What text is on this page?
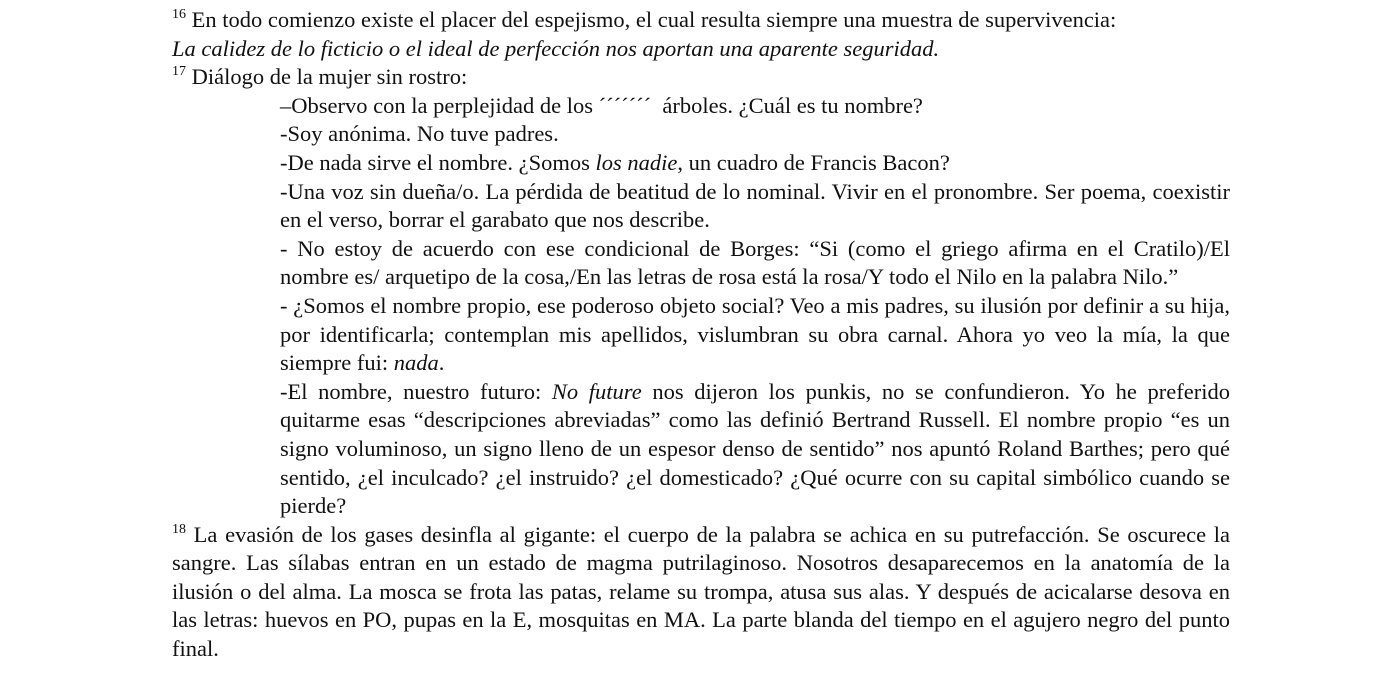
$^{16}$ En todo comienzo existe el placer del espejismo, el cual resulta siempre una muestra de supervivencia:
La calidez de lo ficticio o el ideal de perfección nos aportan una aparente seguridad.

$^{17}$ Diálogo de la mujer sin rostro:

–Observo con la perplejidad de los ´´´´´´´  árboles. ¿Cuál es tu nombre?

-Soy anónima. No tuve padres.

-De nada sirve el nombre. ¿Somos los nadie, un cuadro de Francis Bacon?

-Una voz sin dueña/o. La pérdida de beatitud de lo nominal. Vivir en el pronombre. Ser poema, coexistir en el verso, borrar el garabato que nos describe.

- No estoy de acuerdo con ese condicional de Borges: “Si (como el griego afirma en el Cratilo)/El nombre es/ arquetipo de la cosa,/En las letras de rosa está la rosa/Y todo el Nilo en la palabra Nilo.”

- ¿Somos el nombre propio, ese poderoso objeto social? Veo a mis padres, su ilusión por definir a su hija, por identificarla; contemplan mis apellidos, vislumbran su obra carnal. Ahora yo veo la mía, la que siempre fui: nada.

-El nombre, nuestro futuro: No future nos dijeron los punkis, no se confundieron. Yo he preferido quitarme esas “descripciones abreviadas” como las definió Bertrand Russell. El nombre propio “es un signo voluminoso, un signo lleno de un espesor denso de sentido” nos apuntó Roland Barthes; pero qué sentido, ¿el inculcado? ¿el instruido? ¿el domesticado? ¿Qué ocurre con su capital simbólico cuando se pierde?

$^{18}$ La evasión de los gases desinfla al gigante: el cuerpo de la palabra se achica en su putrefacción. Se oscurece la sangre. Las sílabas entran en un estado de magma putrilaginoso. Nosotros desaparecemos en la anatomía de la ilusión o del alma. La mosca se frota las patas, relame su trompa, atusa sus alas. Y después de acicalarse desova en las letras: huevos en PO, pupas en la E, mosquitas en MA. La parte blanda del tiempo en el agujero negro del punto final.
